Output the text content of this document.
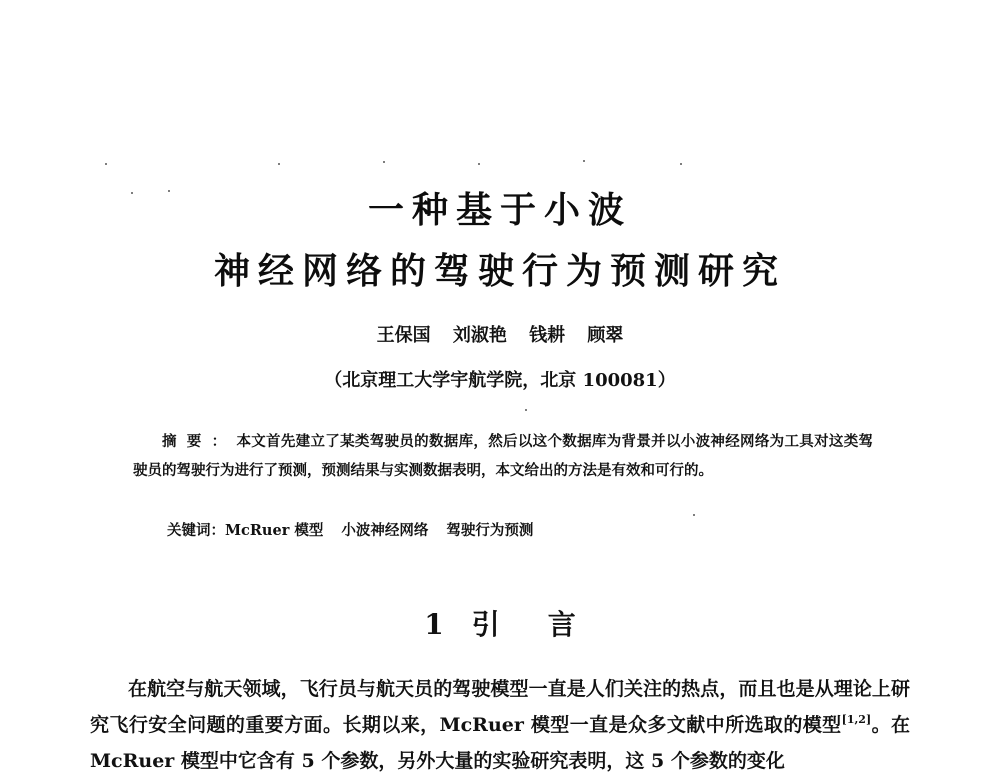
一种基于小波
神经网络的驾驶行为预测研究
王保国 刘淑艳 钱耕 顾翠
（北京理工大学宇航学院，北京 100081）
摘要：本文首先建立了某类驾驶员的数据库，然后以这个数据库为背景并以小波神经网络为工具对这类驾驶员的驾驶行为进行了预测，预测结果与实测数据表明，本文给出的方法是有效和可行的。
关键词：McRuer 模型 小波神经网络 驾驶行为预测
1 引 言
在航空与航天领域，飞行员与航天员的驾驶模型一直是人们关注的热点，而且也是从理论上研究飞行安全问题的重要方面。长期以来，McRuer 模型一直是众多文献中所选取的模型[1,2]。在 McRuer 模型中它含有 5 个参数，另外大量的实验研究表明，这 5 个参数的变化
